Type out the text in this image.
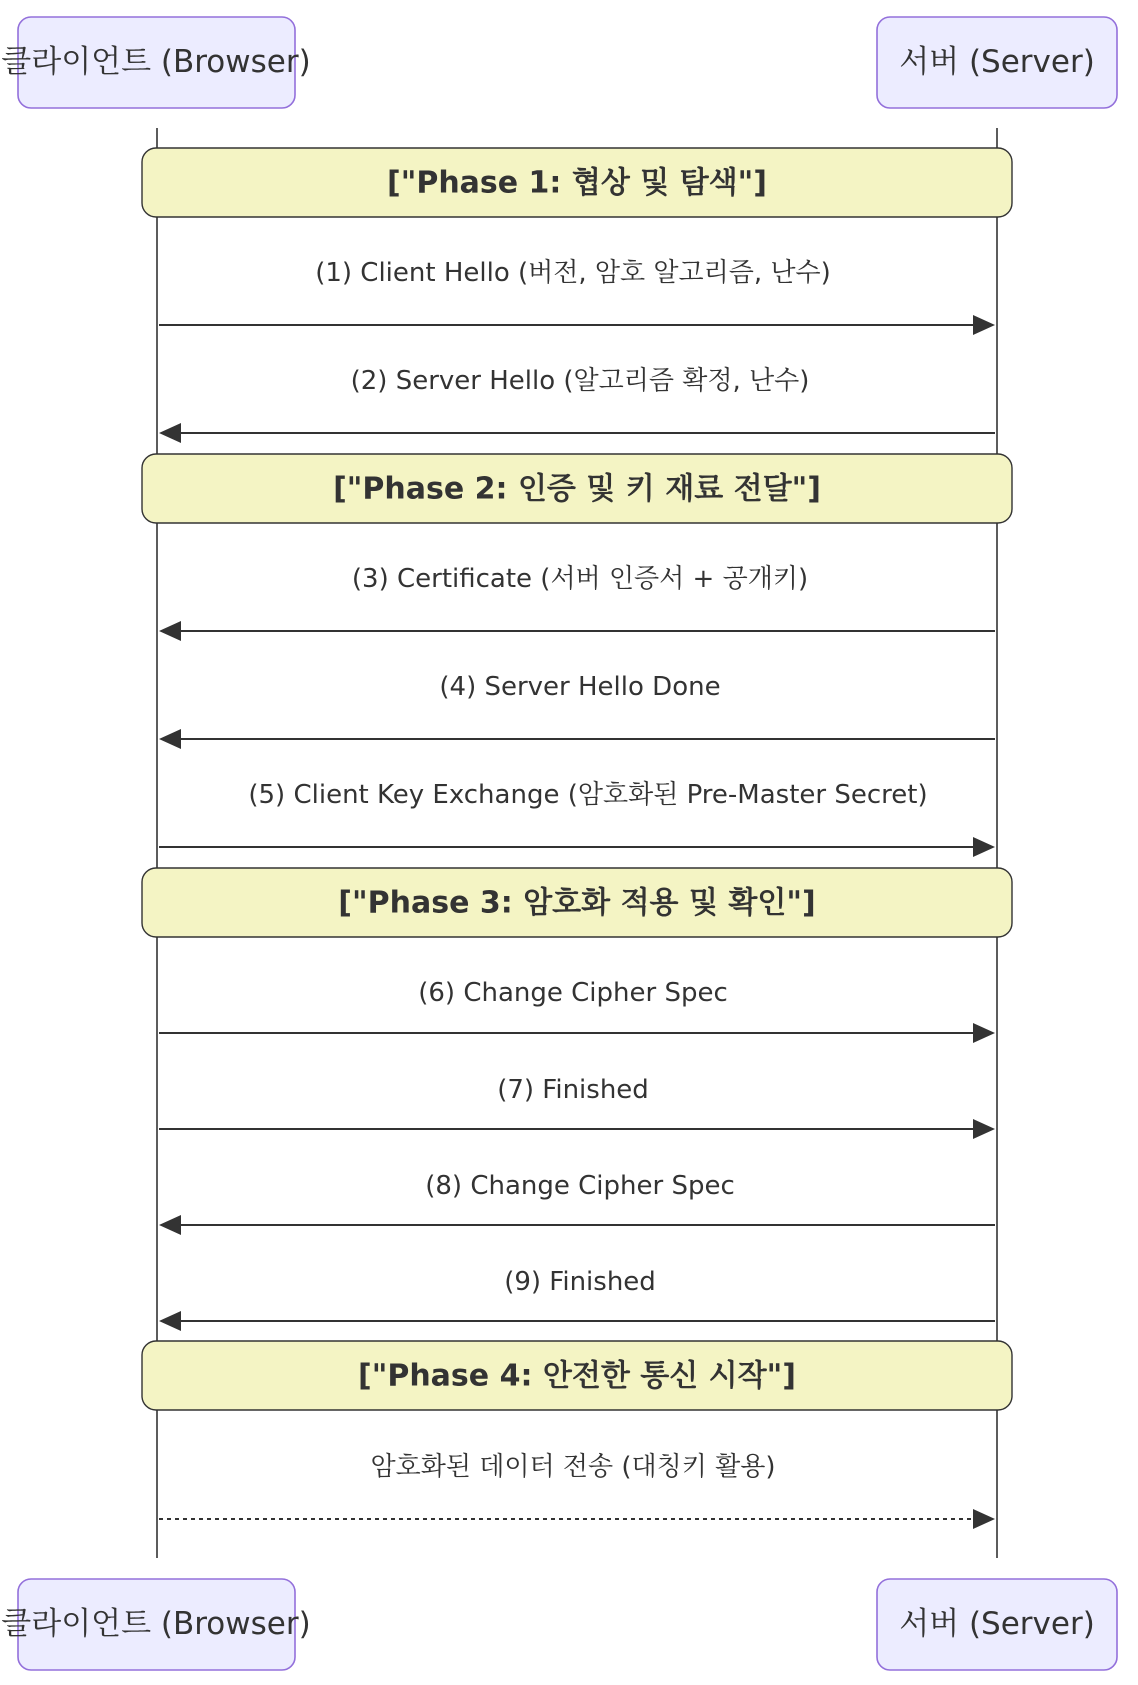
클라이언트 (Browser)	서버 (Server)
["Phase 1: 협상 및 탐색"]
["Phase 2: 인증 및 키 재료 전달"]
["Phase 3: 암호화 적용 및 확인"]
["Phase 4: 안전한 통신 시작"]
(1) Client Hello (버전, 암호 알고리즘, 난수)
(2) Server Hello (알고리즘 확정, 난수)
(3) Certificate (서버 인증서 + 공개키)
(4) Server Hello Done
(5) Client Key Exchange (암호화된 Pre-Master Secret)
(6) Change Cipher Spec
(7) Finished
(8) Change Cipher Spec
(9) Finished
암호화된 데이터 전송 (대칭키 활용)
클라이언트 (Browser)	서버 (Server)
